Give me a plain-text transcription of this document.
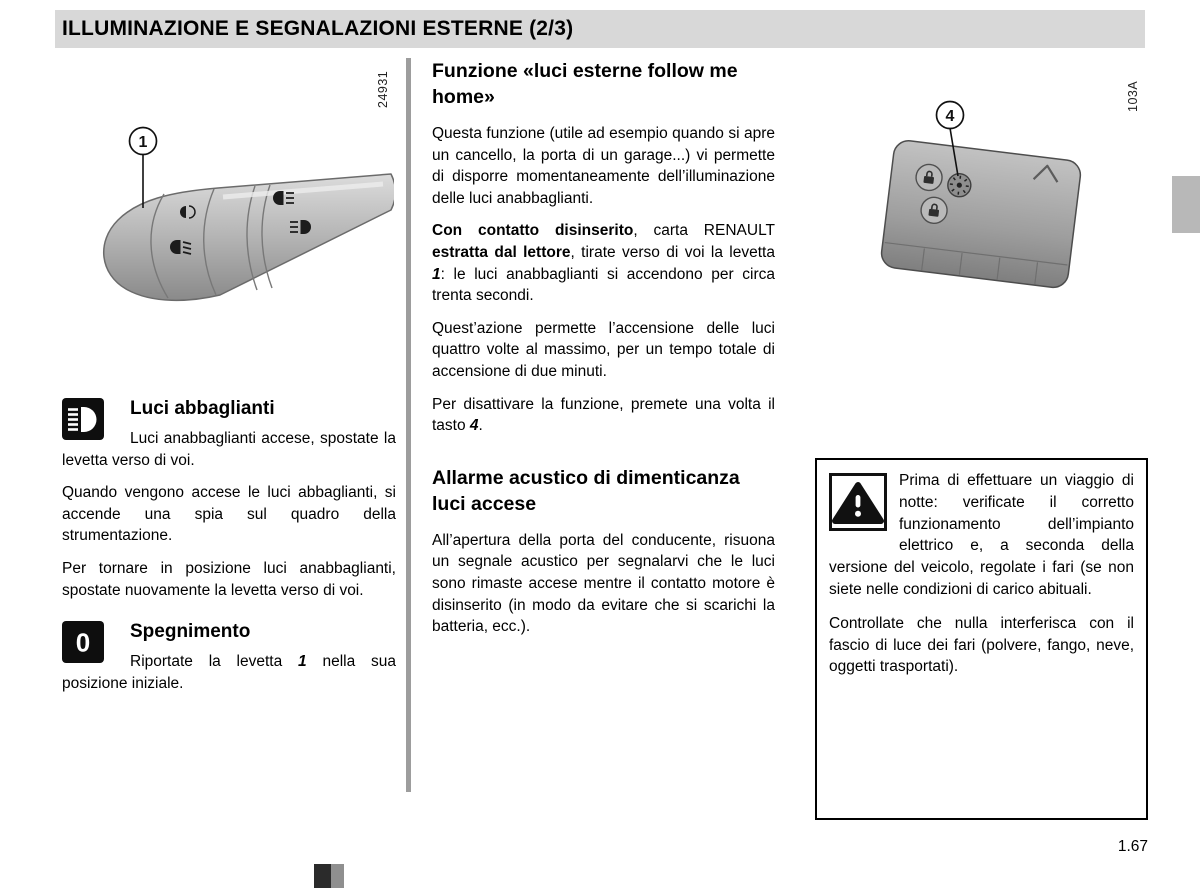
ILLUMINAZIONE E SEGNALAZIONI ESTERNE (2/3)
1
24931
Luci abbaglianti

Luci anabbaglianti accese, spostate la levetta verso di voi.

Quando vengono accese le luci abbaglianti, si accende una spia sul quadro della strumentazione.

Per tornare in posizione luci anabbaglianti, spostate nuovamente la levetta verso di voi.

0	Spegnimento

Riportate la levetta 1 nella sua posizione iniziale.

Funzione «luci esterne follow me home»

Questa funzione (utile ad esempio quando si apre un cancello, la porta di un garage...) vi permette di disporre momentaneamente dell’illuminazione delle luci anabbaglianti.

Con contatto disinserito, carta RENAULT estratta dal lettore, tirate verso di voi la levetta 1: le luci anabbaglianti si accendono per circa trenta secondi.

Quest’azione permette l’accensione delle luci quattro volte al massimo, per un tempo totale di accensione di due minuti.

Per disattivare la funzione, premete una volta il tasto 4.

Allarme acustico di dimenticanza luci accese

All’apertura della porta del conducente, risuona un segnale acustico per segnalarvi che le luci sono rimaste accese mentre il contatto motore è disinserito (in modo da evitare che si scarichi la batteria, ecc.).

4
103A

Prima di effettuare un viaggio di notte: verificate il corretto funzionamento dell’impianto elettrico e, a seconda della versione del veicolo, regolate i fari (se non siete nelle condizioni di carico abituali.

Controllate che nulla interferisca con il fascio di luce dei fari (polvere, fango, neve, oggetti trasportati).

1.67
